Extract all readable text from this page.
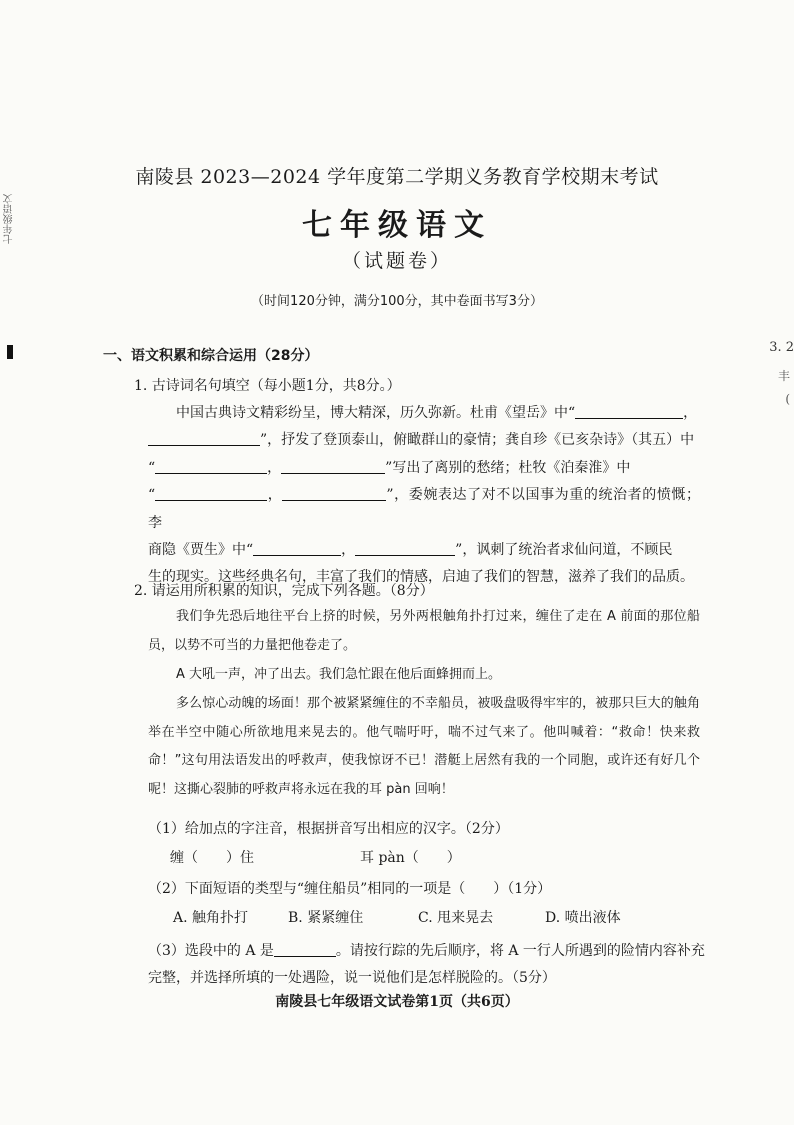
七年级语文
3. 2
丰
(
南陵县 2023—2024 学年度第二学期义务教育学校期末考试
七年级语文
（试题卷）
（时间120分钟，满分100分，其中卷面书写3分）
一、语文积累和综合运用（28分）
1. 古诗词名句填空（每小题1分，共8分。）
中国古典诗文精彩纷呈，博大精深，历久弥新。杜甫《望岳》中“	，
”，抒发了登顶泰山，俯瞰群山的豪情；龚自珍《已亥杂诗》（其五）中
“	，	”写出了离别的愁绪；杜牧《泊秦淮》中
“	，	”，委婉表达了对不以国事为重的统治者的愤慨；李
商隐《贾生》中“	，	”，讽刺了统治者求仙问道，不顾民
生的现实。这些经典名句，丰富了我们的情感，启迪了我们的智慧，滋养了我们的品质。
2. 请运用所积累的知识，完成下列各题。（8分）
我们争先恐后地往平台上挤的时候，另外两根触角扑打过来，缠住了走在 A 前面的那位船员，以势不可当的力量把他卷走了。
A 大吼一声，冲了出去。我们急忙跟在他后面蜂拥而上。
多么惊心动魄的场面！那个被紧紧缠住的不幸船员，被吸盘吸得牢牢的，被那只巨大的触角举在半空中随心所欲地甩来晃去的。他气喘吁吁，喘不过气来了。他叫喊着：“救命！快来救命！”这句用法语发出的呼救声，使我惊讶不已！潜艇上居然有我的一个同胞，或许还有好几个呢！这撕心裂肺的呼救声将永远在我的耳 pàn 回响！
（1）给加点的字注音，根据拼音写出相应的汉字。（2分）
缠（　　）住	耳 pàn（　　）
（2）下面短语的类型与“缠住船员”相同的一项是（　　）（1分）
A. 触角扑打	B. 紧紧缠住	C. 甩来晃去	D. 喷出液体
（3）选段中的 A 是	。请按行踪的先后顺序，将 A 一行人所遇到的险情内容补充完整，并选择所填的一处遇险，说一说他们是怎样脱险的。（5分）
南陵县七年级语文试卷第1页（共6页）
